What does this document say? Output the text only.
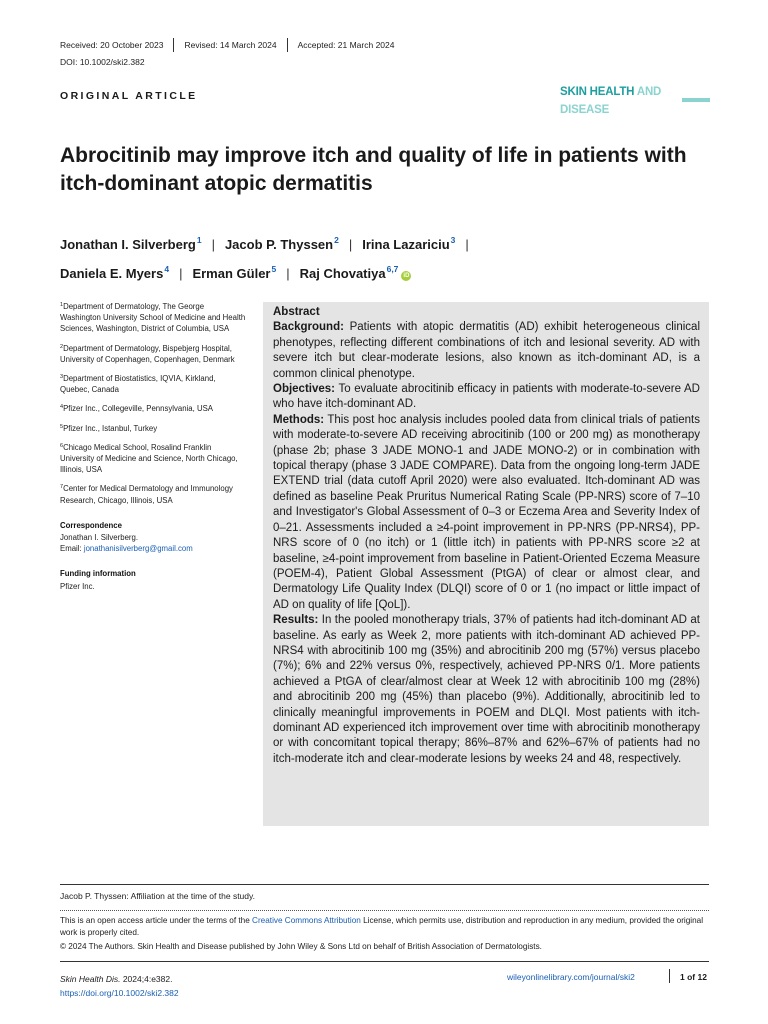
Received: 20 October 2023 Revised: 14 March 2024 Accepted: 21 March 2024
DOI: 10.1002/ski2.382
ORIGINAL ARTICLE	SKIN HEALTH AND DISEASE
Abrocitinib may improve itch and quality of life in patients with itch-dominant atopic dermatitis
Jonathan I. Silverberg$^1$ | Jacob P. Thyssen$^2$ | Irina Lazariciu$^3$ |
Daniela E. Myers$^4$ | Erman Güler$^5$ | Raj Chovatiya$^{6,7}$iD
$^1$Department of Dermatology, The George Washington University School of Medicine and Health Sciences, Washington, District of Columbia, USA
$^2$Department of Dermatology, Bispebjerg Hospital, University of Copenhagen, Copenhagen, Denmark
$^3$Department of Biostatistics, IQVIA, Kirkland, Quebec, Canada
$^4$Pfizer Inc., Collegeville, Pennsylvania, USA
$^5$Pfizer Inc., Istanbul, Turkey
$^6$Chicago Medical School, Rosalind Franklin University of Medicine and Science, North Chicago, Illinois, USA
$^7$Center for Medical Dermatology and Immunology Research, Chicago, Illinois, USA
Correspondence
Jonathan I. Silverberg.
Email: jonathanisilverberg@gmail.com
Funding information
Pfizer Inc.
Abstract
Background: Patients with atopic dermatitis (AD) exhibit heterogeneous clinical phenotypes, reflecting different combinations of itch and lesional severity. AD with severe itch but clear-moderate lesions, also known as itch-dominant AD, is a common clinical phenotype.
Objectives: To evaluate abrocitinib efficacy in patients with moderate-to-severe AD who have itch-dominant AD.
Methods: This post hoc analysis includes pooled data from clinical trials of patients with moderate-to-severe AD receiving abrocitinib (100 or 200 mg) as monotherapy (phase 2b; phase 3 JADE MONO-1 and JADE MONO-2) or in combination with topical therapy (phase 3 JADE COMPARE). Data from the ongoing long-term JADE EXTEND trial (data cutoff April 2020) were also evaluated. Itch-dominant AD was defined as baseline Peak Pruritus Numerical Rating Scale (PP-NRS) score of 7–10 and Investigator's Global Assessment of 0–3 or Eczema Area and Severity Index of 0–21. Assessments included a ≥4-point improvement in PP-NRS (PP-NRS4), PP-NRS score of 0 (no itch) or 1 (little itch) in patients with PP-NRS score ≥2 at baseline, ≥4-point improvement from baseline in Patient-Oriented Eczema Measure (POEM-4), Patient Global Assessment (PtGA) of clear or almost clear, and Dermatology Life Quality Index (DLQI) score of 0 or 1 (no impact or little impact of AD on quality of life [QoL]).
Results: In the pooled monotherapy trials, 37% of patients had itch-dominant AD at baseline. As early as Week 2, more patients with itch-dominant AD achieved PP-NRS4 with abrocitinib 100 mg (35%) and abrocitinib 200 mg (57%) versus placebo (7%); 6% and 22% versus 0%, respectively, achieved PP-NRS 0/1. More patients achieved a PtGA of clear/almost clear at Week 12 with abrocitinib 100 mg (28%) and abrocitinib 200 mg (45%) than placebo (9%). Additionally, abrocitinib led to clinically meaningful improvements in POEM and DLQI. Most patients with itch-dominant AD experienced itch improvement over time with abrocitinib monotherapy or with concomitant topical therapy; 86%–87% and 62%–67% of patients had no itch-moderate itch and clear-moderate lesions by weeks 24 and 48, respectively.
Jacob P. Thyssen: Affiliation at the time of the study.
This is an open access article under the terms of the Creative Commons Attribution License, which permits use, distribution and reproduction in any medium, provided the original work is properly cited.
© 2024 The Authors. Skin Health and Disease published by John Wiley & Sons Ltd on behalf of British Association of Dermatologists.
Skin Health Dis. 2024;4:e382.
https://doi.org/10.1002/ski2.382
wileyonlinelibrary.com/journal/ski2	1 of 12
